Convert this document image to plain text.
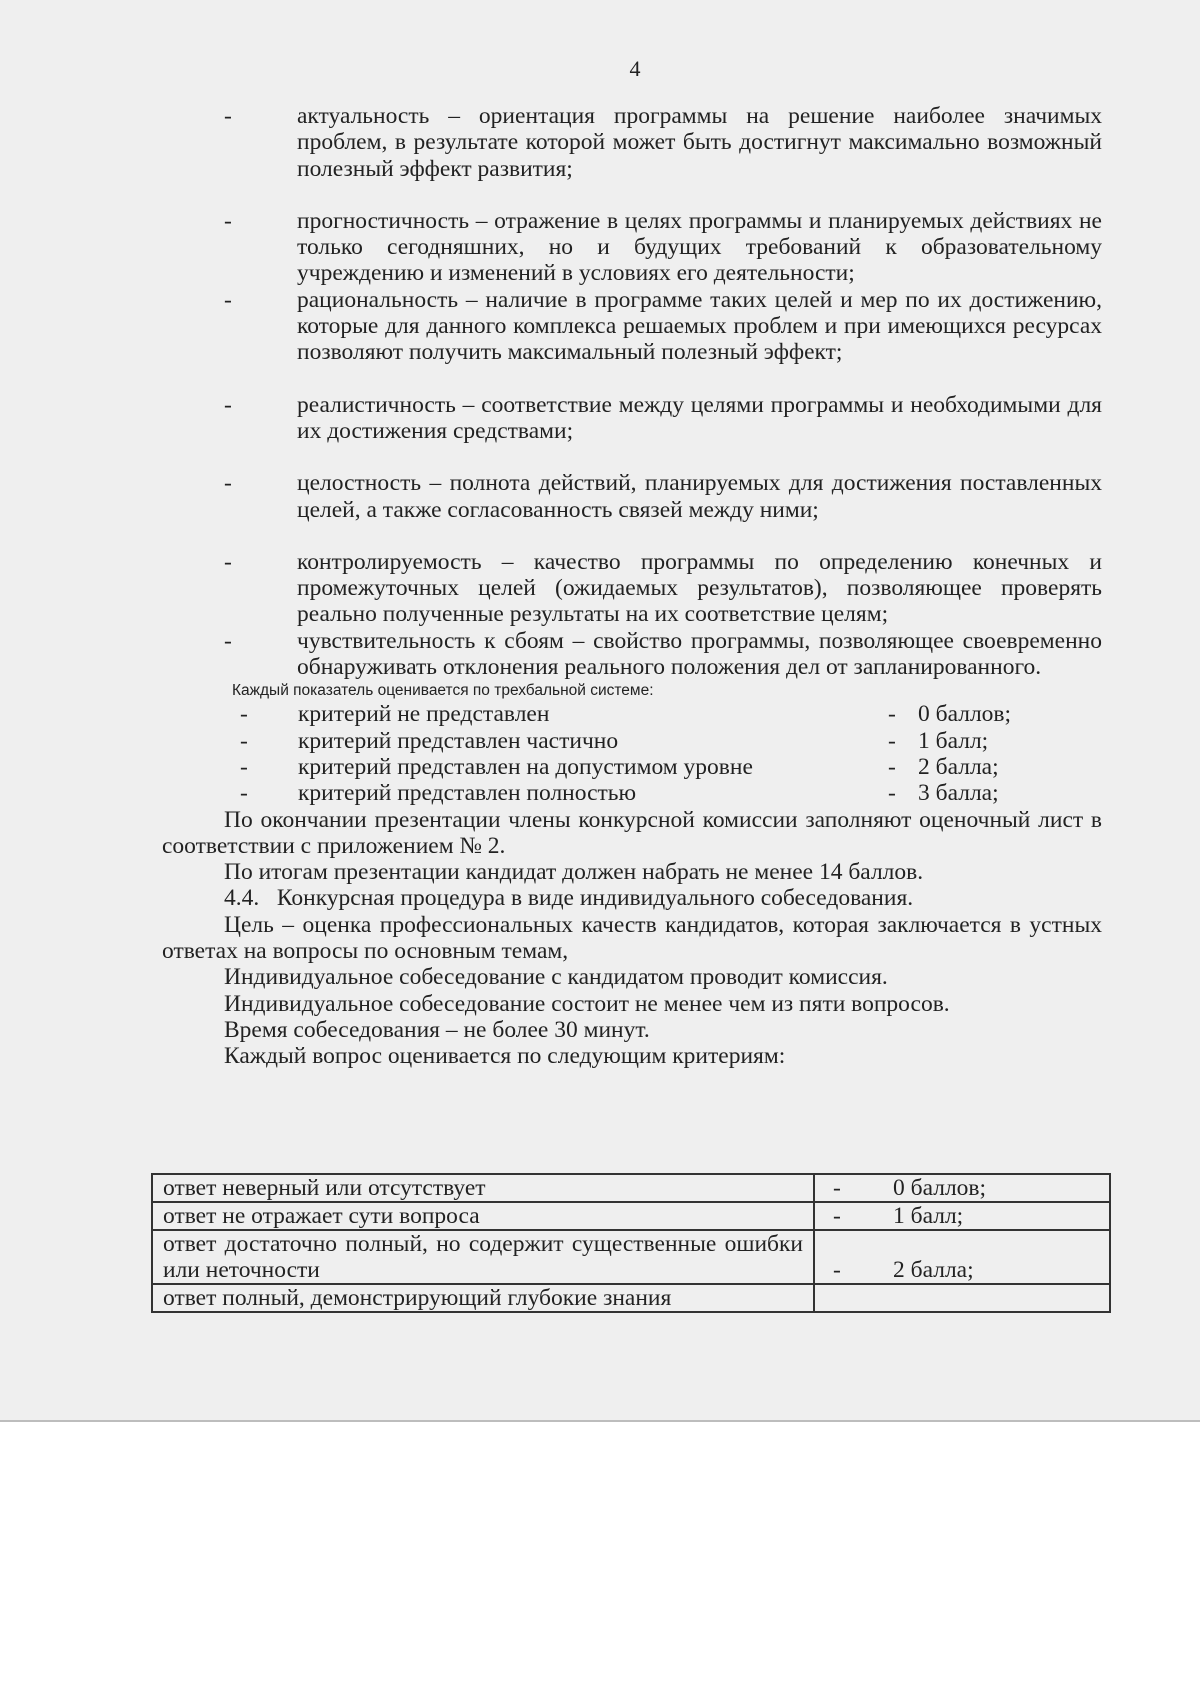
4
-	актуальность – ориентация программы на решение наиболее значимых проблем, в результате которой может быть достигнут максимально возможный полезный эффект развития;
-	прогностичность – отражение в целях программы и планируемых действиях не только сегодняшних, но и будущих требований к образовательному учреждению и изменений в условиях его деятельности;
-	рациональность – наличие в программе таких целей и мер по их достижению, которые для данного комплекса решаемых проблем и при имеющихся ресурсах позволяют получить максимальный полезный эффект;
-	реалистичность – соответствие между целями программы и необходимыми для их достижения средствами;
-	целостность – полнота действий, планируемых для достижения поставленных целей, а также согласованность связей между ними;
-	контролируемость – качество программы по определению конечных и промежуточных целей (ожидаемых результатов), позволяющее проверять реально полученные результаты на их соответствие целям;
-	чувствительность к сбоям – свойство программы, позволяющее своевременно обнаруживать отклонения реального положения дел от запланированного.
Каждый показатель оценивается по трехбальной системе:
-	критерий не представлен	- 0 баллов;
-	критерий представлен частично	- 1 балл;
-	критерий представлен на допустимом уровне	- 2 балла;
-	критерий представлен полностью	- 3 балла;

По окончании презентации члены конкурсной комиссии заполняют оценочный лист в соответствии с приложением № 2.

По итогам презентации кандидат должен набрать не менее 14 баллов.

4.4.   Конкурсная процедура в виде индивидуального собеседования.

Цель – оценка профессиональных качеств кандидатов, которая заключается в устных ответах на вопросы по основным темам,

Индивидуальное собеседование с кандидатом проводит комиссия.

Индивидуальное собеседование состоит не менее чем из пяти вопросов.

Время собеседования – не более 30 минут.

Каждый вопрос оценивается по следующим критериям:

ответ неверный или отсутствует	- 0 баллов;
ответ не отражает сути вопроса	- 1 балл;
ответ достаточно полный, но содержит существенные ошибки или неточности	- 2 балла;
ответ полный, демонстрирующий глубокие знания	
